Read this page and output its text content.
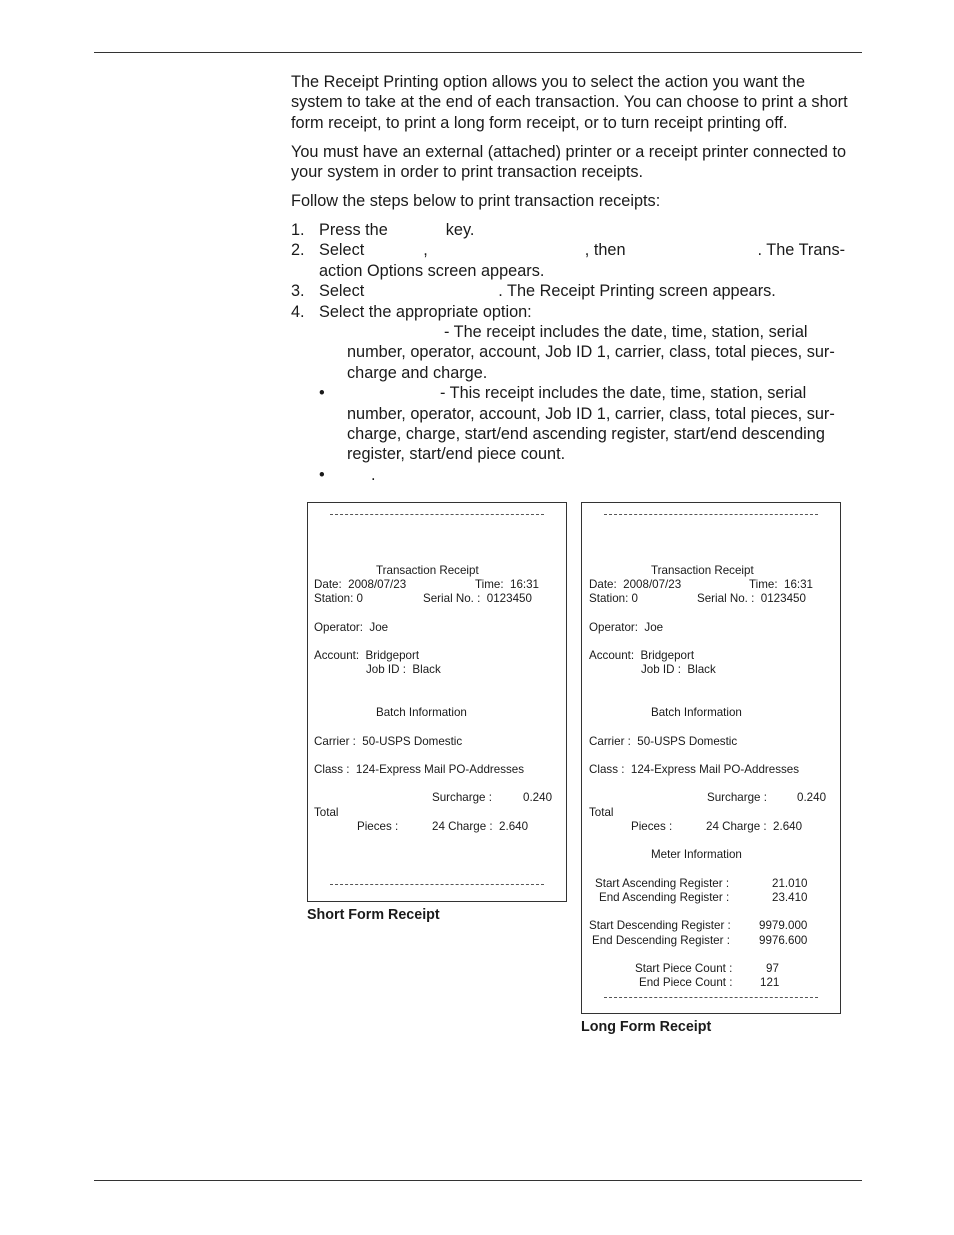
The Receipt Printing option allows you to select the action you want the system to take at the end of each transaction. You can choose to print a short form receipt, to print a long form receipt, or to turn receipt printing off.

You must have an external (attached) printer or a receipt printer connected to your system in order to print transaction receipts.

Follow the steps below to print transaction receipts:

1. Press the	key.
2. Select	,	, then	. The Trans-
action Options screen appears.
3. Select	. The Receipt Printing screen appears.
4. Select the appropriate option:
- The receipt includes the date, time, station, serial
number, operator, account, Job ID 1, carrier, class, total pieces, sur-
charge and charge.
•	- This receipt includes the date, time, station, serial
number, operator, account, Job ID 1, carrier, class, total pieces, sur-
charge, charge, start/end ascending register, start/end descending
register, start/end piece count.
•	.
Transaction Receipt
Date:  2008/07/23	Time:  16:31
Station: 0	Serial No. :  0123450
Operator:  Joe
Account:  Bridgeport
Job ID :  Black
Batch Information
Carrier :  50-USPS Domestic
Class :  124-Express Mail PO-Addresses
Surcharge :	0.240
Total
Pieces :	24 Charge :  2.640
Short Form Receipt
Transaction Receipt
Date:  2008/07/23	Time:  16:31
Station: 0	Serial No. :  0123450
Operator:  Joe
Account:  Bridgeport
Job ID :  Black
Batch Information
Carrier :  50-USPS Domestic
Class :  124-Express Mail PO-Addresses
Surcharge :	0.240
Total
Pieces :	24 Charge :  2.640
Meter Information
Start Ascending Register :	21.010
End Ascending Register :	23.410
Start Descending Register : 9979.000
End Descending Register :	9976.600
Start Piece Count :	97
End Piece Count : 121
Long Form Receipt
